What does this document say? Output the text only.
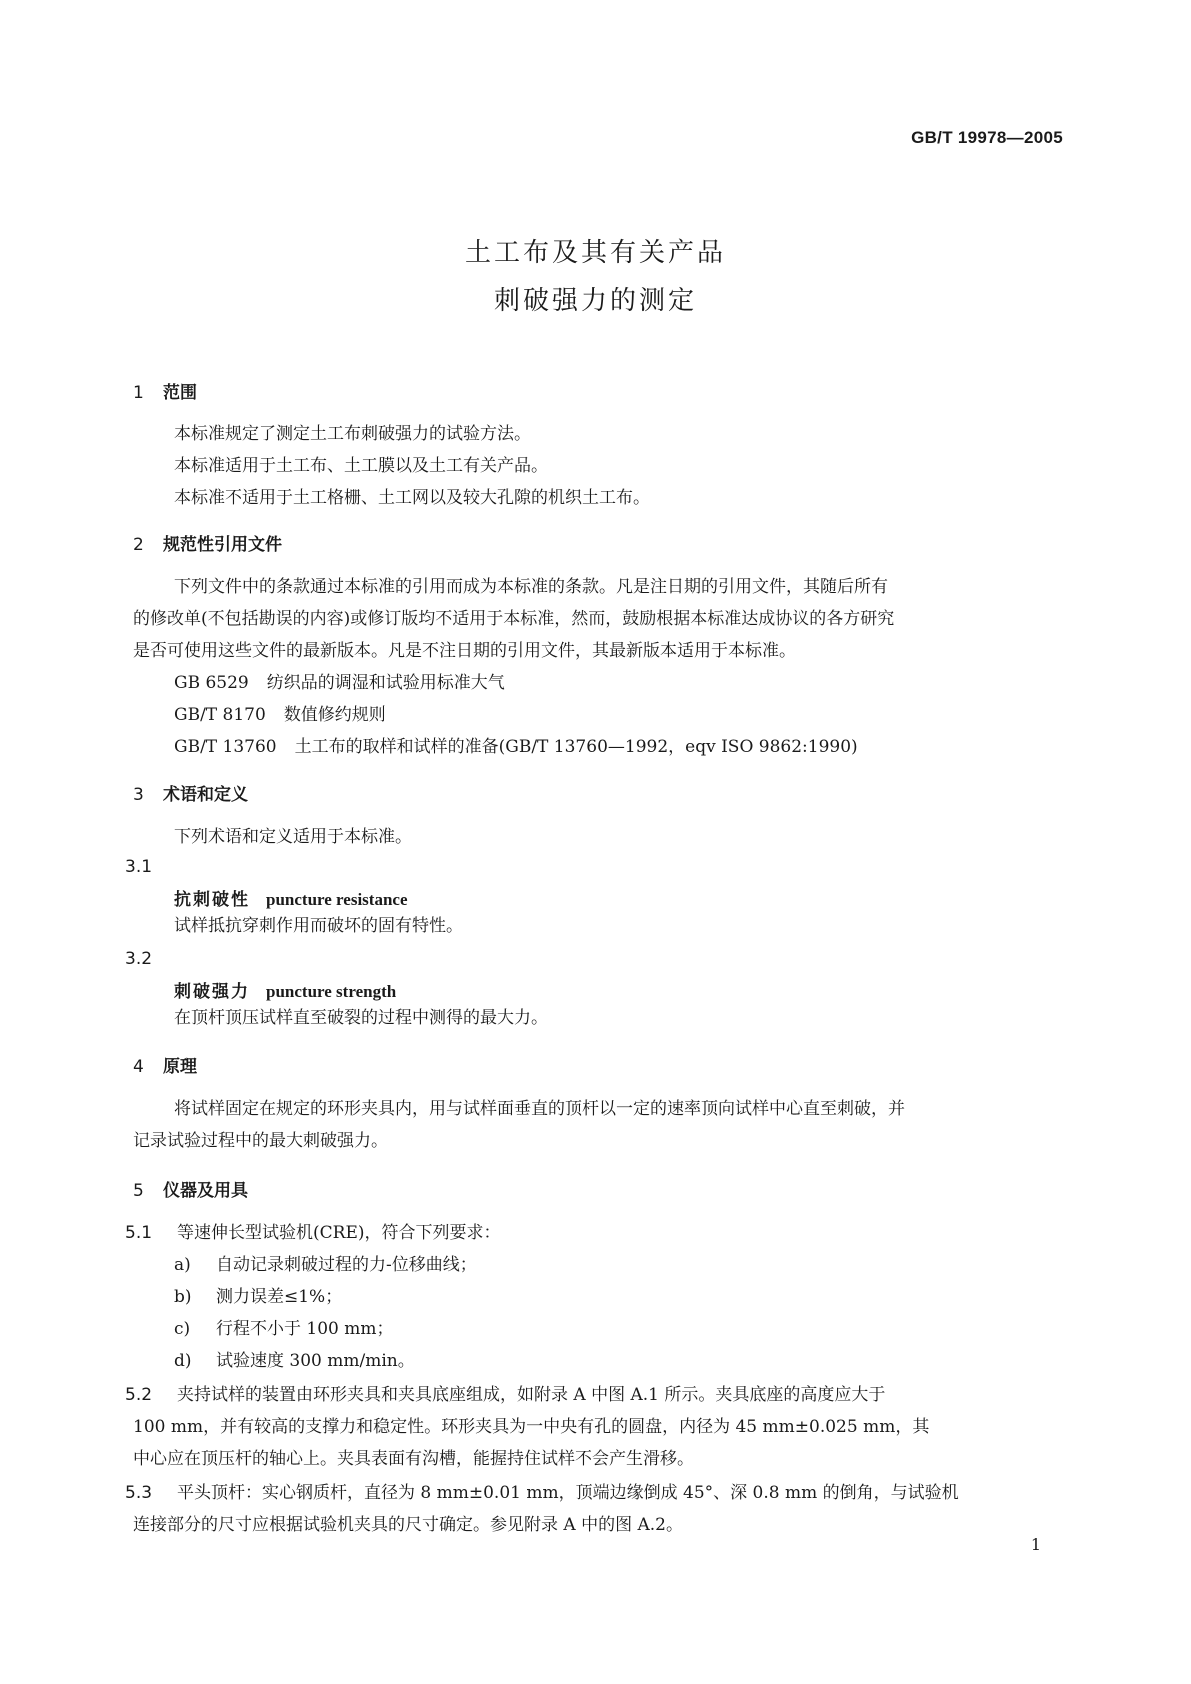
GB/T 19978—2005
土工布及其有关产品
刺破强力的测定
1 范围
本标准规定了测定土工布刺破强力的试验方法。
本标准适用于土工布、土工膜以及土工有关产品。
本标准不适用于土工格栅、土工网以及较大孔隙的机织土工布。
2 规范性引用文件
下列文件中的条款通过本标准的引用而成为本标准的条款。凡是注日期的引用文件，其随后所有
的修改单(不包括勘误的内容)或修订版均不适用于本标准，然而，鼓励根据本标准达成协议的各方研究
是否可使用这些文件的最新版本。凡是不注日期的引用文件，其最新版本适用于本标准。
GB 6529 纺织品的调湿和试验用标准大气
GB/T 8170 数值修约规则
GB/T 13760 土工布的取样和试样的准备(GB/T 13760—1992，eqv ISO 9862:1990)
3 术语和定义
下列术语和定义适用于本标准。
3.1
抗刺破性 puncture resistance
试样抵抗穿刺作用而破坏的固有特性。
3.2
刺破强力 puncture strength
在顶杆顶压试样直至破裂的过程中测得的最大力。
4 原理
将试样固定在规定的环形夹具内，用与试样面垂直的顶杆以一定的速率顶向试样中心直至刺破，并
记录试验过程中的最大刺破强力。
5 仪器及用具
5.1 等速伸长型试验机(CRE)，符合下列要求：
a) 自动记录刺破过程的力-位移曲线；
b) 测力误差≤1%；
c) 行程不小于 100 mm；
d) 试验速度 300 mm/min。
5.2 夹持试样的装置由环形夹具和夹具底座组成，如附录 A 中图 A.1 所示。夹具底座的高度应大于
100 mm，并有较高的支撑力和稳定性。环形夹具为一中央有孔的圆盘，内径为 45 mm±0.025 mm，其
中心应在顶压杆的轴心上。夹具表面有沟槽，能握持住试样不会产生滑移。
5.3 平头顶杆：实心钢质杆，直径为 8 mm±0.01 mm，顶端边缘倒成 45°、深 0.8 mm 的倒角，与试验机
连接部分的尺寸应根据试验机夹具的尺寸确定。参见附录 A 中的图 A.2。
1
